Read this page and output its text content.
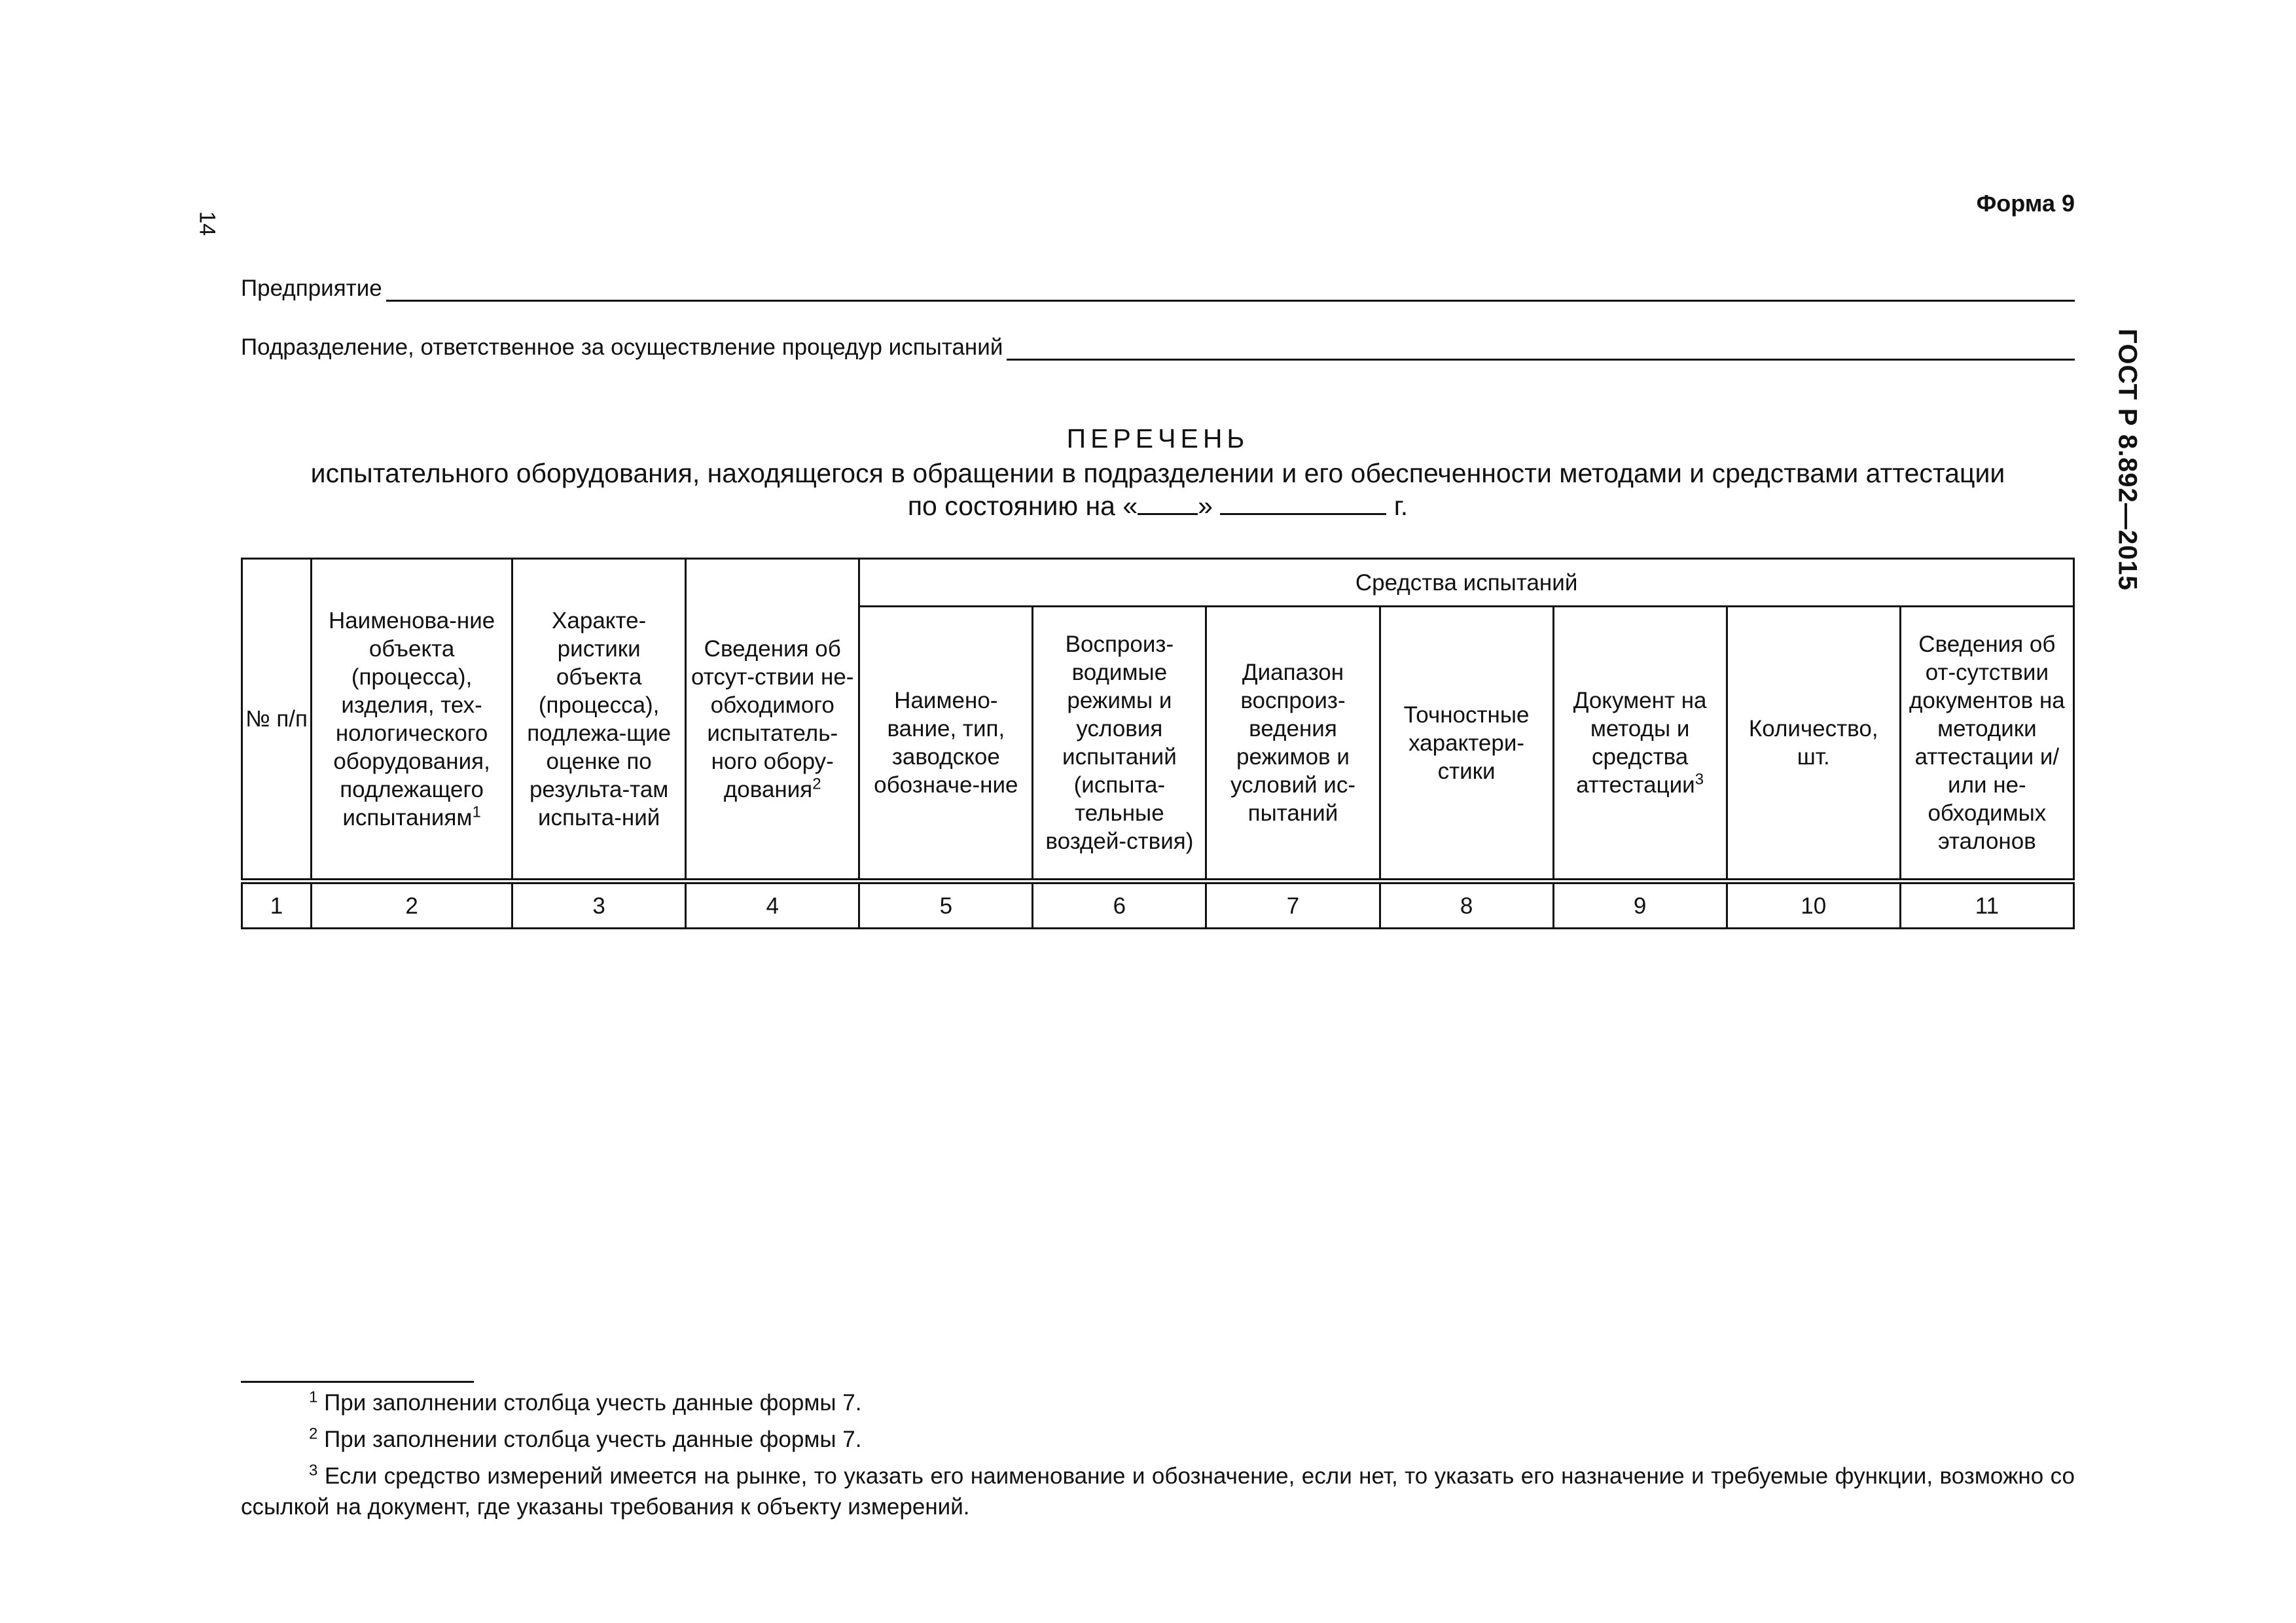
14
ГОСТ Р 8.892—2015
Форма 9
Предприятие
Подразделение, ответственное за осуществление процедур испытаний
ПЕРЕЧЕНЬ
испытательного оборудования, находящегося в обращении в подразделении и его обеспеченности методами и средствами аттестации
по состоянию на « »	г.
№ п/п	Наименова-ние объекта (процесса), изделия, тех-нологического оборудования, подлежащего испытаниям$^1$	Характе-ристики объекта (процесса), подлежа-щие оценке по результа-там испыта-ний	Сведения об отсут-ствии не-обходимого испытатель-ного обору-дования$^2$	Средства испытаний						
				Наимено-вание, тип, заводское обозначе-ние	Воспроиз-водимые режимы и условия испытаний (испыта-тельные воздей-ствия)	Диапазон воспроиз-ведения режимов и условий ис-пытаний	Точностные характери-стики	Документ на методы и средства аттестации$^3$	Количество, шт.	Сведения об от-сутствии документов на методики аттестации и/или не-обходимых эталонов
1	2	3	4	5	6	7	8	9	10	11
$^1$ При заполнении столбца учесть данные формы 7.
$^2$ При заполнении столбца учесть данные формы 7.
$^3$ Если средство измерений имеется на рынке, то указать его наименование и обозначение, если нет, то указать его назначение и требуемые функции, возможно со ссылкой на документ, где указаны требования к объекту измерений.
